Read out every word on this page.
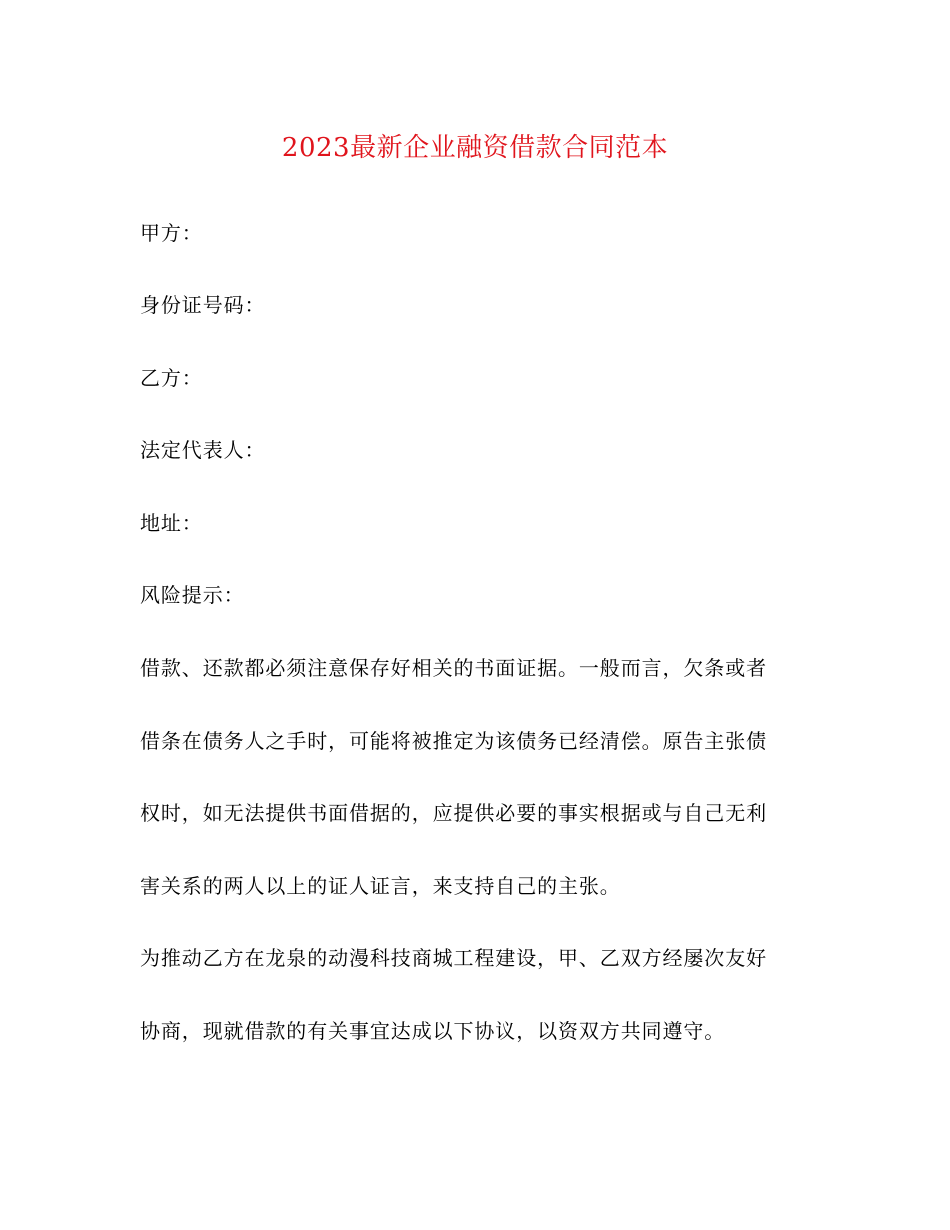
2023最新企业融资借款合同范本
甲方：
身份证号码：
乙方：
法定代表人：
地址：
风险提示：
借款、还款都必须注意保存好相关的书面证据。一般而言，欠条或者
借条在债务人之手时，可能将被推定为该债务已经清偿。原告主张债
权时，如无法提供书面借据的，应提供必要的事实根据或与自己无利
害关系的两人以上的证人证言，来支持自己的主张。
为推动乙方在龙泉的动漫科技商城工程建设，甲、乙双方经屡次友好
协商，现就借款的有关事宜达成以下协议，以资双方共同遵守。
